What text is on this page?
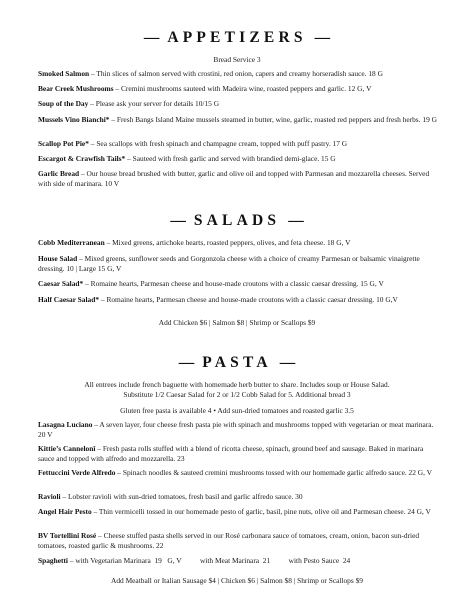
— APPETIZERS —
Bread Service 3
Smoked Salmon – Thin slices of salmon served with crostini, red onion, capers and creamy horseradish sauce. 18 G
Bear Creek Mushrooms – Cremini mushrooms sauteed with Madeira wine, roasted peppers and garlic. 12 G, V
Soup of the Day – Please ask your server for details 10/15 G
Mussels Vino Bianchi* – Fresh Bangs Island Maine mussels steamed in butter, wine, garlic, roasted red peppers and fresh herbs. 19 G
Scallop Pot Pie* – Sea scallops with fresh spinach and champagne cream, topped with puff pastry. 17 G
Escargot & Crawfish Tails* – Sauteed with fresh garlic and served with brandied demi-glace. 15 G
Garlic Bread – Our house bread brushed with butter, garlic and olive oil and topped with Parmesan and mozzarella cheeses. Served with side of marinara. 10 V
— SALADS —
Cobb Mediterranean – Mixed greens, artichoke hearts, roasted peppers, olives, and feta cheese. 18 G, V
House Salad – Mixed greens, sunflower seeds and Gorgonzola cheese with a choice of creamy Parmesan or balsamic vinaigrette dressing. 10 | Large 15 G, V
Caesar Salad* – Romaine hearts, Parmesan cheese and house-made croutons with a classic caesar dressing. 15 G, V
Half Caesar Salad* – Romaine hearts, Parmesan cheese and house-made croutons with a classic caesar dressing. 10 G,V
Add Chicken $6 | Salmon $8 | Shrimp or Scallops $9
— PASTA —
All entrees include french baguette with homemade herb butter to share. Includes soup or House Salad.
Substitute 1/2 Caesar Salad for 2 or 1/2 Cobb Salad for 5. Additional bread 3
Gluten free pasta is available 4 • Add sun-dried tomatoes and roasted garlic 3.5
Lasagna Luciano – A seven layer, four cheese fresh pasta pie with spinach and mushrooms topped with vegetarian or meat marinara. 20 V
Kittie’s Cannelonî – Fresh pasta rolls stuffed with a blend of ricotta cheese, spinach, ground beef and sausage. Baked in marinara sauce and topped with alfredo and mozzarella. 23
Fettuccini Verde Alfredo – Spinach noodles & sauteed cremini mushrooms tossed with our homemade garlic alfredo sauce. 22 G, V
Ravioli – Lobster ravioli with sun-dried tomatoes, fresh basil and garlic alfredo sauce. 30
Angel Hair Pesto – Thin vermicelli tossed in our homemade pesto of garlic, basil, pine nuts, olive oil and Parmesan cheese. 24 G, V
BV Tortellini Rosé – Cheese stuffed pasta shells served in our Rosé carbonara sauce of tomatoes, cream, onion, bacon sun-dried tomatoes, roasted garlic & mushrooms. 22
Spaghetti – with Vegetarian Marinara  19   G, V          with Meat Marinara  21          with Pesto Sauce  24
Add Meatball or Italian Sausage $4 | Chicken $6 | Salmon $8 | Shrimp or Scallops $9
